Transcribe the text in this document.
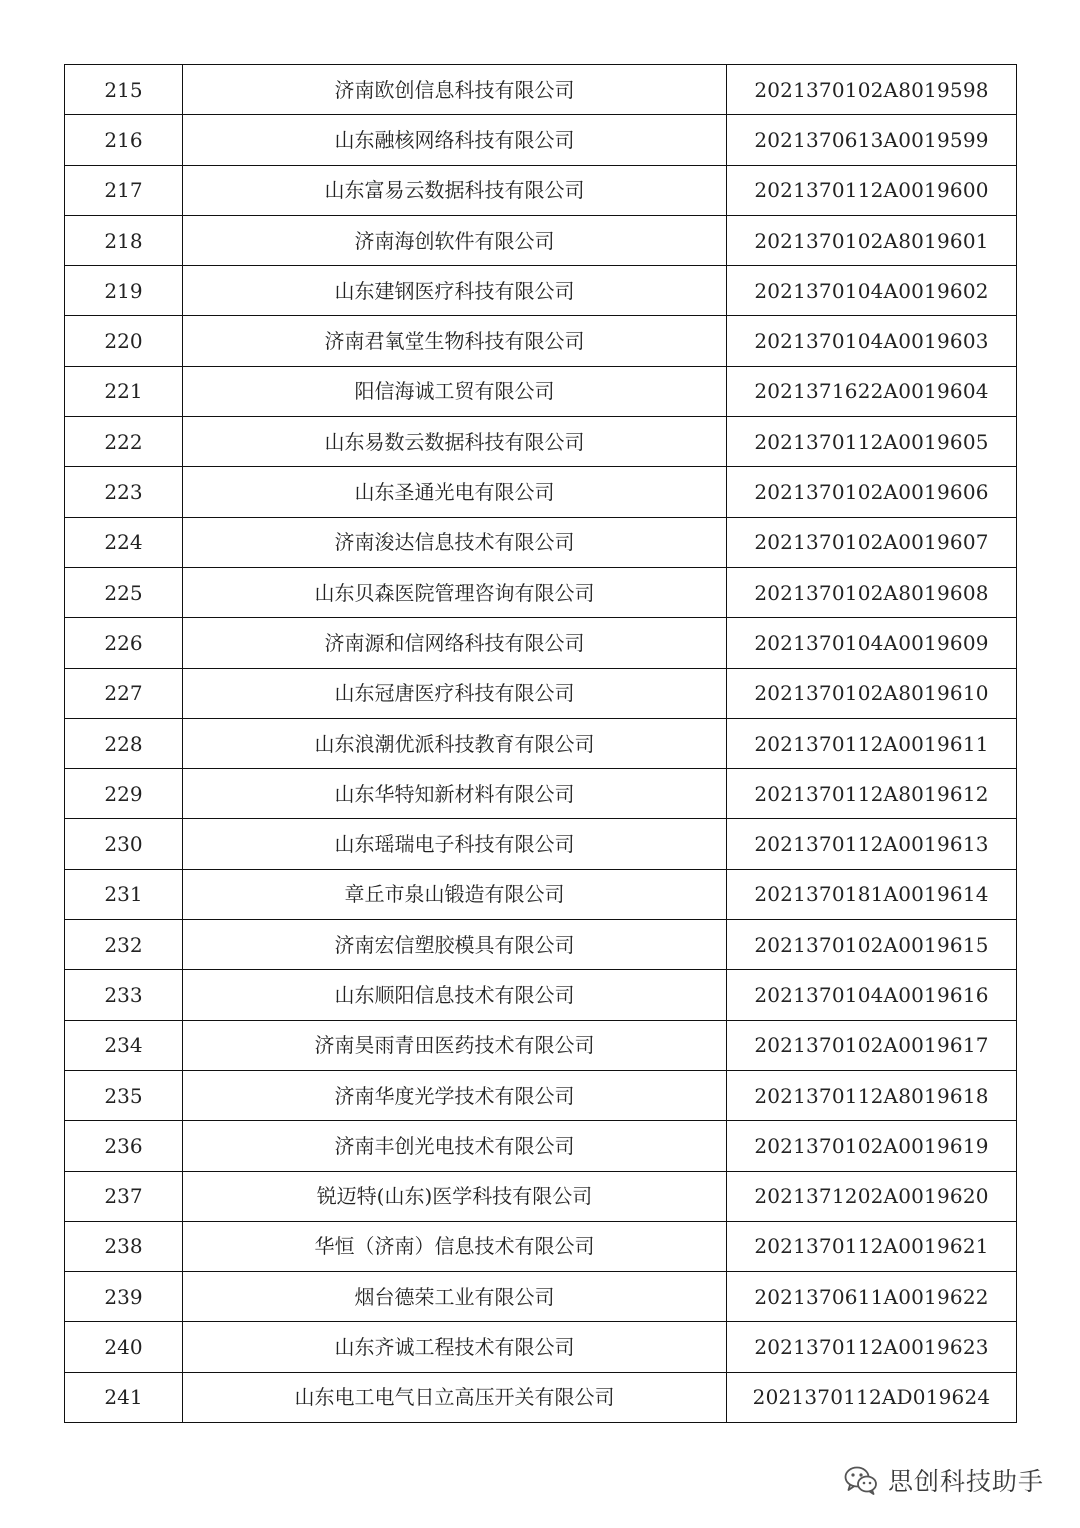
215	济南欧创信息科技有限公司	2021370102A8019598
216	山东融核网络科技有限公司	2021370613A0019599
217	山东富易云数据科技有限公司	2021370112A0019600
218	济南海创软件有限公司	2021370102A8019601
219	山东建钢医疗科技有限公司	2021370104A0019602
220	济南君氧堂生物科技有限公司	2021370104A0019603
221	阳信海诚工贸有限公司	2021371622A0019604
222	山东易数云数据科技有限公司	2021370112A0019605
223	山东圣通光电有限公司	2021370102A0019606
224	济南浚达信息技术有限公司	2021370102A0019607
225	山东贝森医院管理咨询有限公司	2021370102A8019608
226	济南源和信网络科技有限公司	2021370104A0019609
227	山东冠唐医疗科技有限公司	2021370102A8019610
228	山东浪潮优派科技教育有限公司	2021370112A0019611
229	山东华特知新材料有限公司	2021370112A8019612
230	山东瑶瑞电子科技有限公司	2021370112A0019613
231	章丘市泉山锻造有限公司	2021370181A0019614
232	济南宏信塑胶模具有限公司	2021370102A0019615
233	山东顺阳信息技术有限公司	2021370104A0019616
234	济南昊雨青田医药技术有限公司	2021370102A0019617
235	济南华度光学技术有限公司	2021370112A8019618
236	济南丰创光电技术有限公司	2021370102A0019619
237	锐迈特(山东)医学科技有限公司	2021371202A0019620
238	华恒（济南）信息技术有限公司	2021370112A0019621
239	烟台德荣工业有限公司	2021370611A0019622
240	山东齐诚工程技术有限公司	2021370112A0019623
241	山东电工电气日立高压开关有限公司	2021370112AD019624
思创科技助手
